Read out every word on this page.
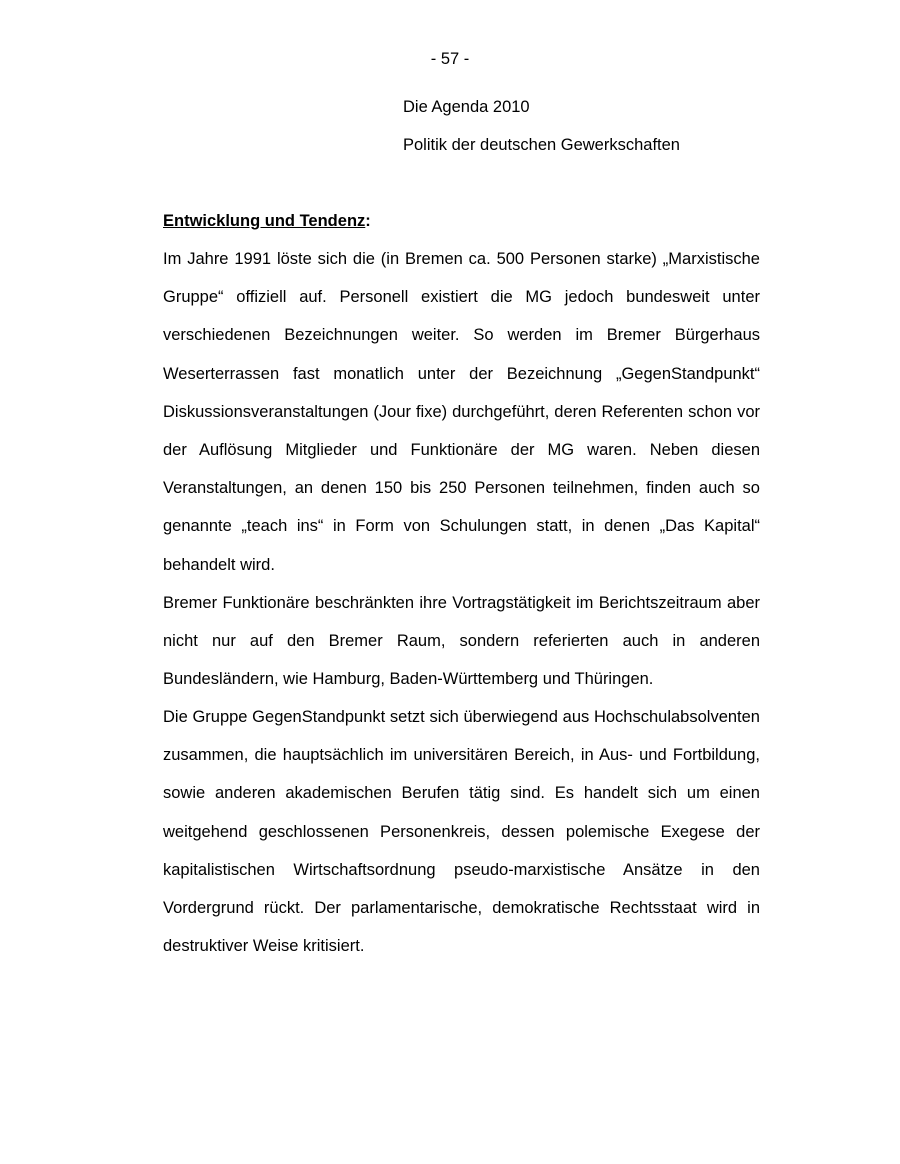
- 57 -
Die Agenda 2010
Politik der deutschen Gewerkschaften
Entwicklung und Tendenz:

Im Jahre 1991 löste sich die (in Bremen ca. 500 Personen starke) „Marxistische Gruppe“ offiziell auf. Personell existiert die MG jedoch bundesweit unter verschiedenen Bezeichnungen weiter. So werden im Bremer Bürgerhaus Weserterrassen fast monatlich unter der Bezeichnung „GegenStandpunkt“ Diskussionsveranstaltungen (Jour fixe) durchgeführt, deren Referenten schon vor der Auflösung Mitglieder und Funktionäre der MG waren. Neben diesen Veranstaltungen, an denen 150 bis 250 Personen teilnehmen, finden auch so genannte „teach ins“ in Form von Schulungen statt, in denen „Das Kapital“ behandelt wird.

Bremer Funktionäre beschränkten ihre Vortragstätigkeit im Berichtszeitraum aber nicht nur auf den Bremer Raum, sondern referierten auch in anderen Bundesländern, wie Hamburg, Baden-Württemberg und Thüringen.

Die Gruppe GegenStandpunkt setzt sich überwiegend aus Hochschulabsolventen zusammen, die hauptsächlich im universitären Bereich, in Aus- und Fortbildung, sowie anderen akademischen Berufen tätig sind. Es handelt sich um einen weitgehend geschlossenen Personenkreis, dessen polemische Exegese der kapitalistischen Wirtschaftsordnung pseudo-marxistische Ansätze in den Vordergrund rückt. Der parlamentarische, demokratische Rechtsstaat wird in destruktiver Weise kritisiert.
